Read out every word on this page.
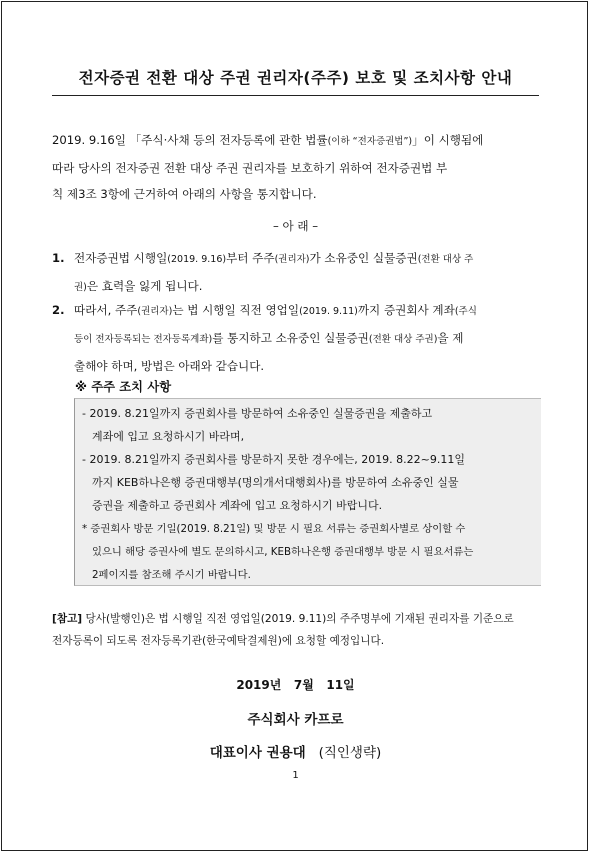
전자증권 전환 대상 주권 권리자(주주) 보호 및 조치사항 안내
2019. 9.16일 「주식·사채 등의 전자등록에 관한 법률(이하 “전자증권법”)」이 시행됨에
따라 당사의 전자증권 전환 대상 주권 권리자를 보호하기 위하여 전자증권법 부
칙 제3조 3항에 근거하여 아래의 사항을 통지합니다.
– 아 래 –
1. 전자증권법 시행일(2019. 9.16)부터 주주(권리자)가 소유중인 실물증권(전환 대상 주
권)은 효력을 잃게 됩니다.
2. 따라서, 주주(권리자)는 법 시행일 직전 영업일(2019. 9.11)까지 증권회사 계좌(주식
등이 전자등록되는 전자등록계좌)를 통지하고 소유중인 실물증권(전환 대상 주권)을 제
출해야 하며, 방법은 아래와 같습니다.
※ 주주 조치 사항
- 2019. 8.21일까지 증권회사를 방문하여 소유중인 실물증권을 제출하고
계좌에 입고 요청하시기 바라며,
- 2019. 8.21일까지 증권회사를 방문하지 못한 경우에는, 2019. 8.22~9.11일
까지 KEB하나은행 증권대행부(명의개서대행회사)를 방문하여 소유중인 실물
증권을 제출하고 증권회사 계좌에 입고 요청하시기 바랍니다.
* 증권회사 방문 기일(2019. 8.21일) 및 방문 시 필요 서류는 증권회사별로 상이할 수
있으니 해당 증권사에 별도 문의하시고, KEB하나은행 증권대행부 방문 시 필요서류는
2페이지를 참조해 주시기 바랍니다.
[참고] 당사(발행인)은 법 시행일 직전 영업일(2019. 9.11)의 주주명부에 기재된 권리자를 기준으로
전자등록이 되도록 전자등록기관(한국예탁결제원)에 요청할 예정입니다.
2019년   7월   11일
주식회사 카프로
대표이사 권용대 (직인생략)
1
